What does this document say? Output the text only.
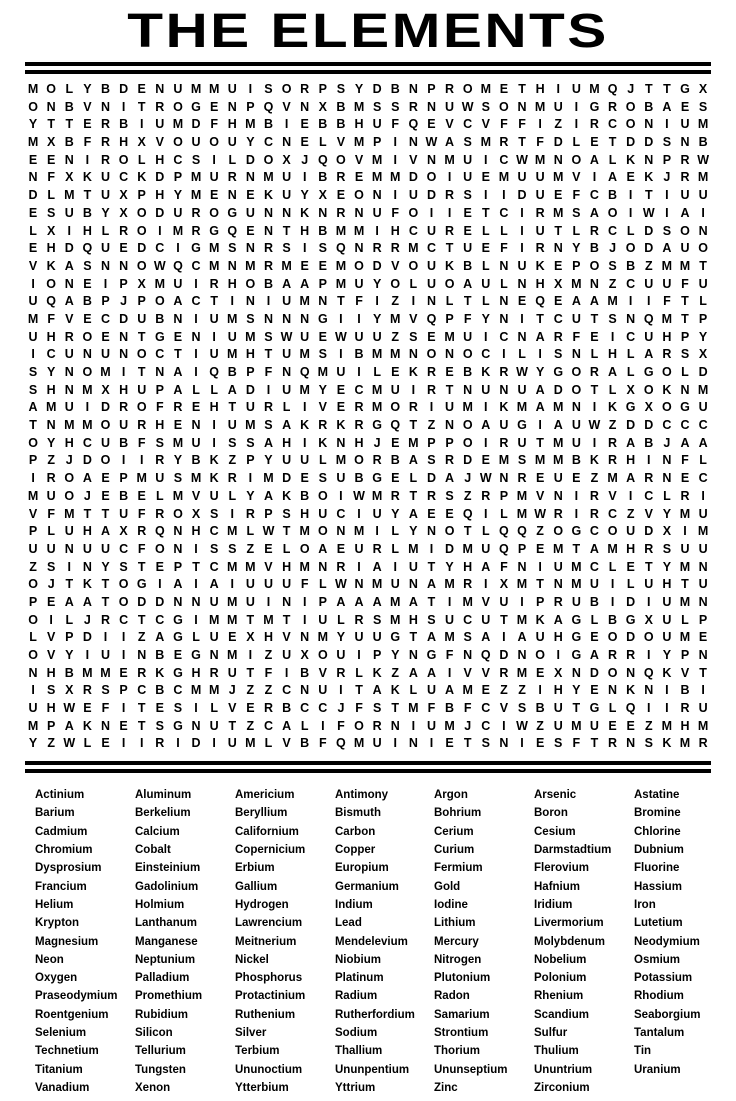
THE ELEMENTS
M O L Y B D E N U M M U I S O R P S Y D B N P R O M E T H I U M Q J T T G X
O N B V N I	T R O G E N P Q V N X B M S S R N U W S O N M U I G R O B A E S
Y T T E R B I U M D F H M B I E B B H U F Q E V C V F F	I	Z	I R C O N I U M
M X B F R H X V O U O U Y C N E L V M P I N W A S M R T F D L E T D D S N B
E E N I R O L H C S I	L D O X J Q O V M I V N M U I C W M N O A L K N P R W
N F X K U C K D P M U R N M U I B R E M M D O I U E M U U M V I A E K J R M
D L M T U X P H Y M E N E K U Y X E O N I U D R S I	I D U E F C B I	T	I U U
E S U B Y X O D U R O G U N N K N R N U F O I	I E T C I R M S A O I W I A I
L X I H L R O I M R G Q E N T H B M M I H C U R E L L	I U T L R C L D S O N
E H D Q U E D C I G M S N R S I S Q N R R M C T U E F	I R N Y B J O D A U O
V K A S N N O W Q C M N M R M E E M O D V O U K B L N U K E P O S B Z M M T
I O N E I P X M U I R H O B A A P M U Y O L U O A U L N H X M N Z C U U F U
U Q A B P J P O A C T	I N I U M N T F	I	Z	I N L T L N E Q E A A M I	I	F T L
M F V E C D U B N I U M S N N N G I	I Y M V Q P F Y N I	T C U T S N Q M T P
U H R O E N T G E N I U M S W U E W U U Z S E M U I C N A R F E I C U H P Y
I C U N U N O C T	I U M H T U M S I B M M N O N O C I	L	I S N L H L A R S X
S Y N O M I	T N A I Q B P F N Q M U I	L E K R E B K R W Y G O R A L G O L D
S H N M X H U P A L L A D I U M Y E C M U I R T N U N U A D O T L X O K N M
A M U I D R O F R E H T U R L	I V E R M O R I U M I K M A M N I K G X O G U
T N M M O U R H E N I U M S A K R K R G Q T Z N O A U G I A U W Z D D C C C
O Y H C U B F S M U I S S A H I K N H J E M P P O I R U T M U I R A B J A A
P Z J D O I	I R Y B K Z P Y U U L M O R B A S R D E M S M M B K R H I N F L
I R O A E P M U S M K R I M D E S U B G E L D A J W N R E U E Z M A R N E C
M U O J E B E L M V U L Y A K B O I W M R T R S Z R P M V N I R V I C L R I
V F M T T U F R O X S I R P S H U C I U Y A E E Q I	L M W R I R C Z V Y M U
P L U H A X R Q N H C M L W T M O N M I	L Y N O T L Q Q Z O G C O U D X I M
U U N U U C F O N I S S Z E L O A E U R L M I D M U Q P E M T A M H R S U U
Z S I N Y S T E P T C M M V H M N R I A I U T Y H A F N I U M C L E T Y M N
O J T K T O G I A I A I U U U F L W N M U N A M R I X M T N M U I	L U H T U
P E A A T O D D N N U M U I N I P A A A M A T	I M V U I P R U B I D I U M N
O I	L J R C T C G I M M T M T	I U L R S M H S U C U T M K A G L B G X U L P
L V P D I	I	Z A G L U E X H V N M Y U U G T A M S A I A U H G E O D O U M E
O V Y I U I N B E G N M I	Z U X O U I P Y N G F N Q D N O I G A R R I Y P N
N H B M M E R K G H R U T F	I B V R L K Z A A I V V R M E X N D O N Q K V T
I S X R S P C B C M M J Z Z C N U I	T A K L U A M E Z Z	I H Y E N K N I B I
U H W E F	I	T E S I	L V E R B C C J F S T M F B F C V S B U T G L Q I	I R U
M P A K N E T S G N U T Z C A L	I	F O R N I U M J C I W Z U M U E E Z M H M
Y Z W L E I	I R I D I U M L V B F Q M U I N I E T S N I E S F T R N S K M R
Actinium	Aluminum	Americium	Antimony	Argon	Arsenic	Astatine
Barium	Berkelium	Beryllium	Bismuth	Bohrium	Boron	Bromine
Cadmium	Calcium	Californium	Carbon	Cerium	Cesium	Chlorine
Chromium	Cobalt	Copernicium	Copper	Curium	Darmstadtium	Dubnium
Dysprosium	Einsteinium	Erbium	Europium	Fermium	Flerovium	Fluorine
Francium	Gadolinium	Gallium	Germanium	Gold	Hafnium	Hassium
Helium	Holmium	Hydrogen	Indium	Iodine	Iridium	Iron
Krypton	Lanthanum	Lawrencium	Lead	Lithium	Livermorium	Lutetium
Magnesium	Manganese	Meitnerium	Mendelevium	Mercury	Molybdenum	Neodymium
Neon	Neptunium	Nickel	Niobium	Nitrogen	Nobelium	Osmium
Oxygen	Palladium	Phosphorus	Platinum	Plutonium	Polonium	Potassium
Praseodymium	Promethium	Protactinium	Radium	Radon	Rhenium	Rhodium
Roentgenium	Rubidium	Ruthenium	Rutherfordium	Samarium	Scandium	Seaborgium
Selenium	Silicon	Silver	Sodium	Strontium	Sulfur	Tantalum
Technetium	Tellurium	Terbium	Thallium	Thorium	Thulium	Tin
Titanium	Tungsten	Ununoctium	Ununpentium	Ununseptium	Ununtrium	Uranium
Vanadium	Xenon	Ytterbium	Yttrium	Zinc	Zirconium
